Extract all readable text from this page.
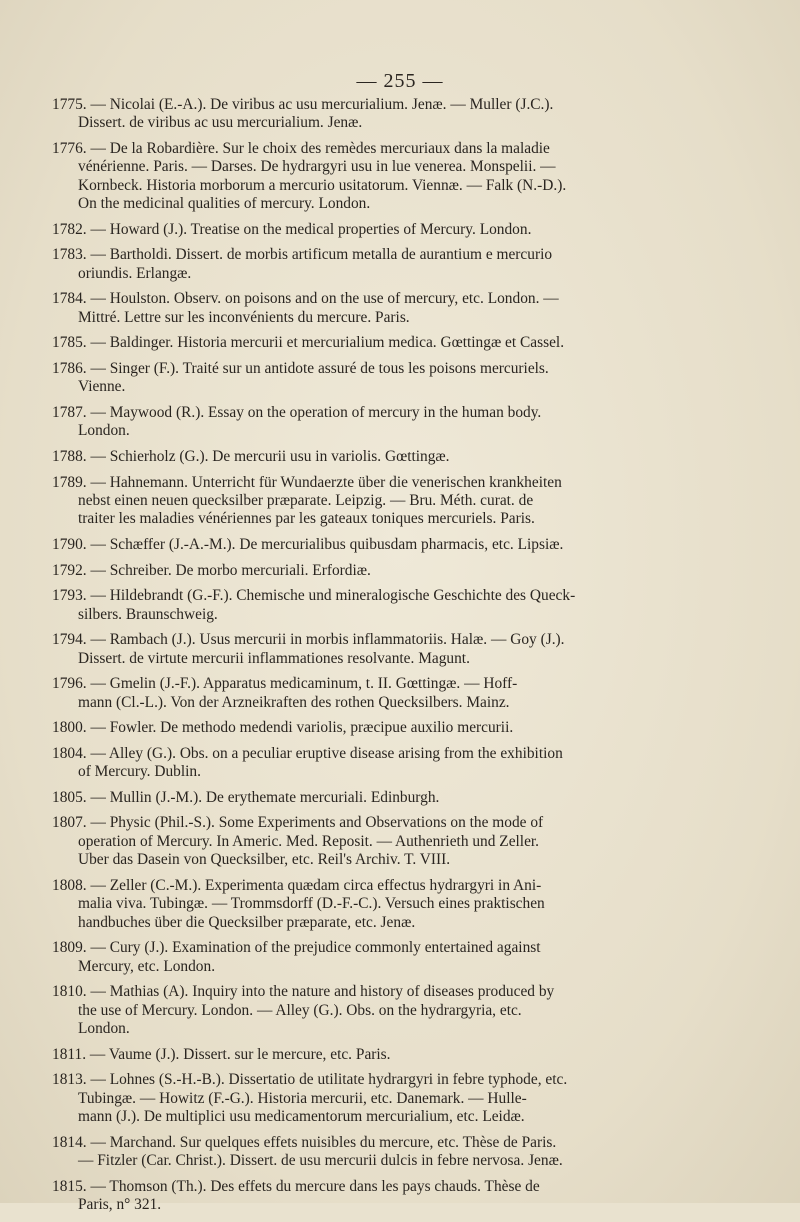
— 255 —

1775. — Nicolai (E.-A.). De viribus ac usu mercurialium. Jenæ. — Muller (J.C.).

Dissert. de viribus ac usu mercurialium. Jenæ.

1776. — De la Robardière. Sur le choix des remèdes mercuriaux dans la maladie

vénérienne. Paris. — Darses. De hydrargyri usu in lue venerea. Monspelii. —

Kornbeck. Historia morborum a mercurio usitatorum. Viennæ. — Falk (N.-D.).

On the medicinal qualities of mercury. London.

1782. — Howard (J.). Treatise on the medical properties of Mercury. London.

1783. — Bartholdi. Dissert. de morbis artificum metalla de aurantium e mercurio

oriundis. Erlangæ.

1784. — Houlston. Observ. on poisons and on the use of mercury, etc. London. —

Mittré. Lettre sur les inconvénients du mercure. Paris.

1785. — Baldinger. Historia mercurii et mercurialium medica. Gœttingæ et Cassel.

1786. — Singer (F.). Traité sur un antidote assuré de tous les poisons mercuriels.

Vienne.

1787. — Maywood (R.). Essay on the operation of mercury in the human body.

London.

1788. — Schierholz (G.). De mercurii usu in variolis. Gœttingæ.

1789. — Hahnemann. Unterricht für Wundaerzte über die venerischen krankheiten

nebst einen neuen quecksilber præparate. Leipzig. — Bru. Méth. curat. de

traiter les maladies vénériennes par les gateaux toniques mercuriels. Paris.

1790. — Schæffer (J.-A.-M.). De mercurialibus quibusdam pharmacis, etc. Lipsiæ.

1792. — Schreiber. De morbo mercuriali. Erfordiæ.

1793. — Hildebrandt (G.-F.). Chemische und mineralogische Geschichte des Queck-

silbers. Braunschweig.

1794. — Rambach (J.). Usus mercurii in morbis inflammatoriis. Halæ. — Goy (J.).

Dissert. de virtute mercurii inflammationes resolvante. Magunt.

1796. — Gmelin (J.-F.). Apparatus medicaminum, t. II. Gœttingæ. — Hoff-

mann (Cl.-L.). Von der Arzneikraften des rothen Quecksilbers. Mainz.

1800. — Fowler. De methodo medendi variolis, præcipue auxilio mercurii.

1804. — Alley (G.). Obs. on a peculiar eruptive disease arising from the exhibition

of Mercury. Dublin.

1805. — Mullin (J.-M.). De erythemate mercuriali. Edinburgh.

1807. — Physic (Phil.-S.). Some Experiments and Observations on the mode of

operation of Mercury. In Americ. Med. Reposit. — Authenrieth und Zeller.

Uber das Dasein von Quecksilber, etc. Reil's Archiv. T. VIII.

1808. — Zeller (C.-M.). Experimenta quædam circa effectus hydrargyri in Ani-

malia viva. Tubingæ. — Trommsdorff (D.-F.-C.). Versuch eines praktischen

handbuches über die Quecksilber præparate, etc. Jenæ.

1809. — Cury (J.). Examination of the prejudice commonly entertained against

Mercury, etc. London.

1810. — Mathias (A). Inquiry into the nature and history of diseases produced by

the use of Mercury. London. — Alley (G.). Obs. on the hydrargyria, etc.

London.

1811. — Vaume (J.). Dissert. sur le mercure, etc. Paris.

1813. — Lohnes (S.-H.-B.). Dissertatio de utilitate hydrargyri in febre typhode, etc.

Tubingæ. — Howitz (F.-G.). Historia mercurii, etc. Danemark. — Hulle-

mann (J.). De multiplici usu medicamentorum mercurialium, etc. Leidæ.

1814. — Marchand. Sur quelques effets nuisibles du mercure, etc. Thèse de Paris.

— Fitzler (Car. Christ.). Dissert. de usu mercurii dulcis in febre nervosa. Jenæ.

1815. — Thomson (Th.). Des effets du mercure dans les pays chauds. Thèse de

Paris, n° 321.
